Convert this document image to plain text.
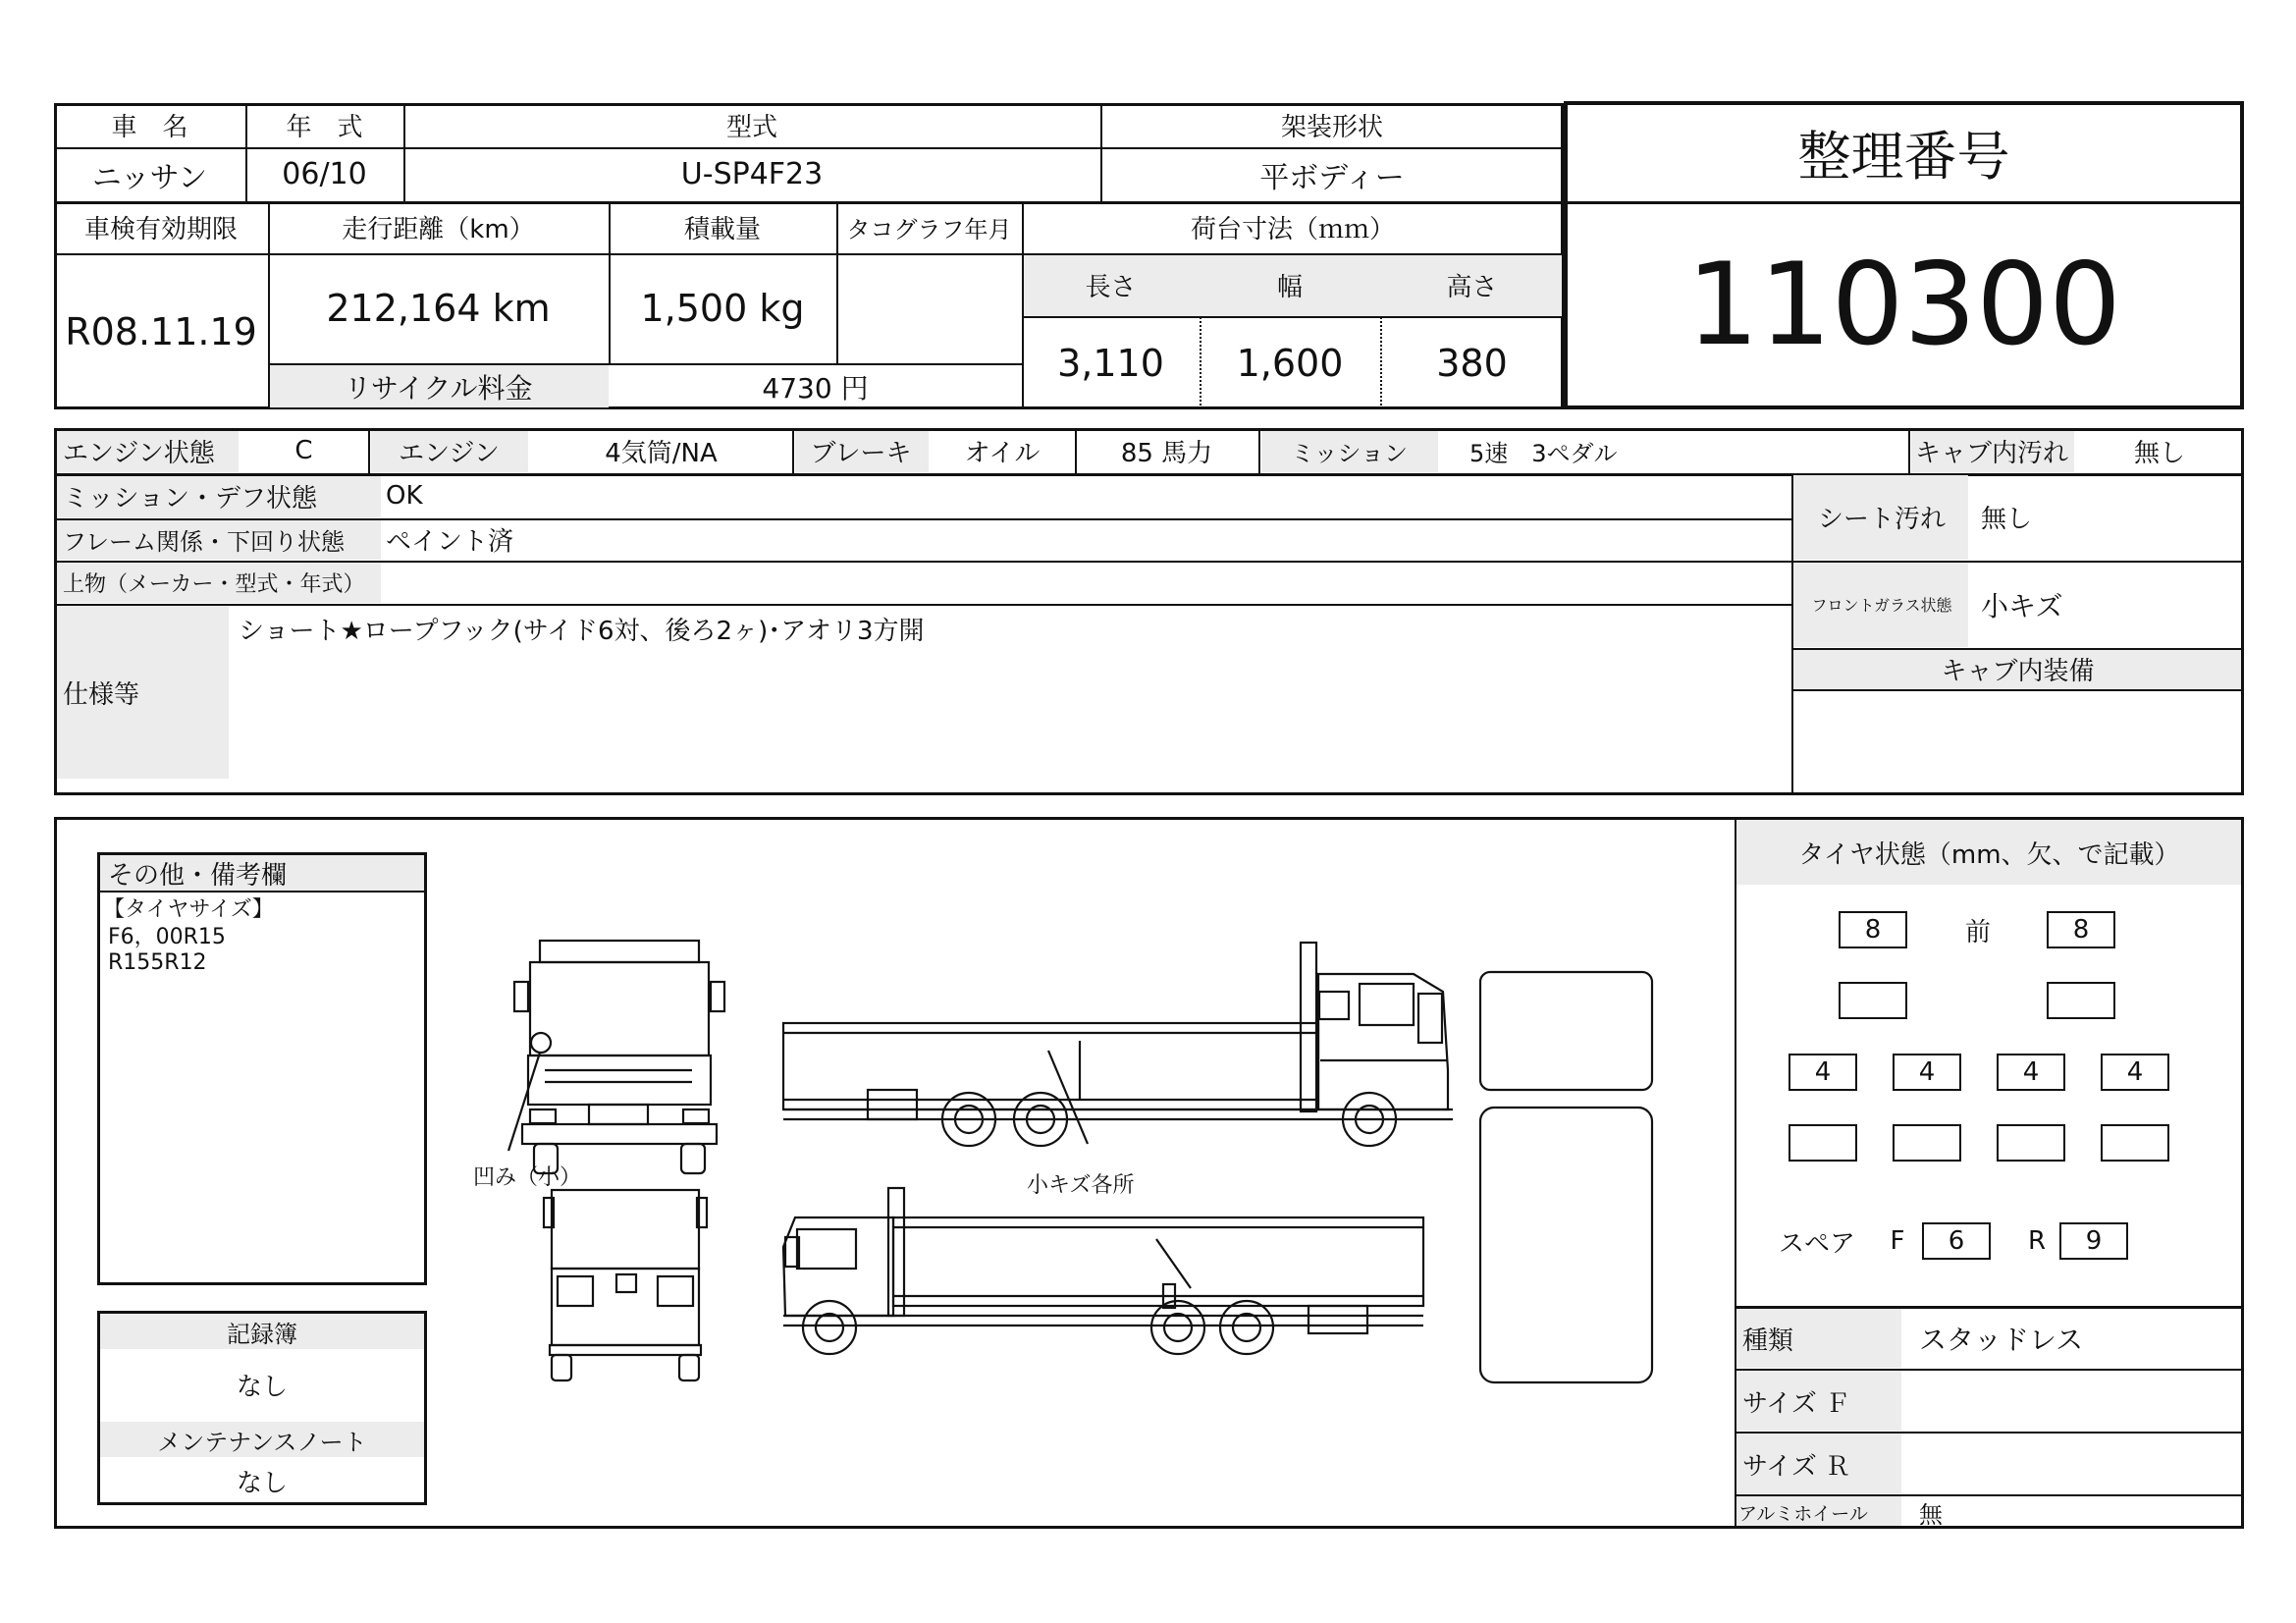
車　名	年　式	型式	架装形状
ニッサン	06/10	U-SP4F23	平ボディー
車検有効期限	走行距離（km）	積載量	タコグラフ年月	荷台寸法（ｍｍ）
長さ	幅	高さ
R08.11.19
212,164 km	1,500 kg
3,110	1,600	380
リサイクル料金	4730 円
整理番号
110300
エンジン状態	C	エンジン	4気筒/NA	ブレーキ	オイル	85 馬力	ミッション	5速　3ペダル	キャブ内汚れ	無し
ミッション・デフ状態	OK
フレーム関係・下回り状態	ペイント済
上物（メーカー・型式・年式）
仕様等
ショート★ロープフック(サイド6対、後ろ2ヶ)･アオリ3方開
シート汚れ	無し
フロントガラス状態	小キズ
キャブ内装備
その他・備考欄
【タイヤサイズ】
F6，00R15
R155R12
記録簿
なし
メンテナンスノート
なし
凹み（小）	小キズ各所
タイヤ状態（mm、欠、で記載）
8	前	8
4	4	4	4
スペア	F	6	R	9
種類	スタッドレス
サイズ Ｆ
サイズ Ｒ
アルミホイール	無
